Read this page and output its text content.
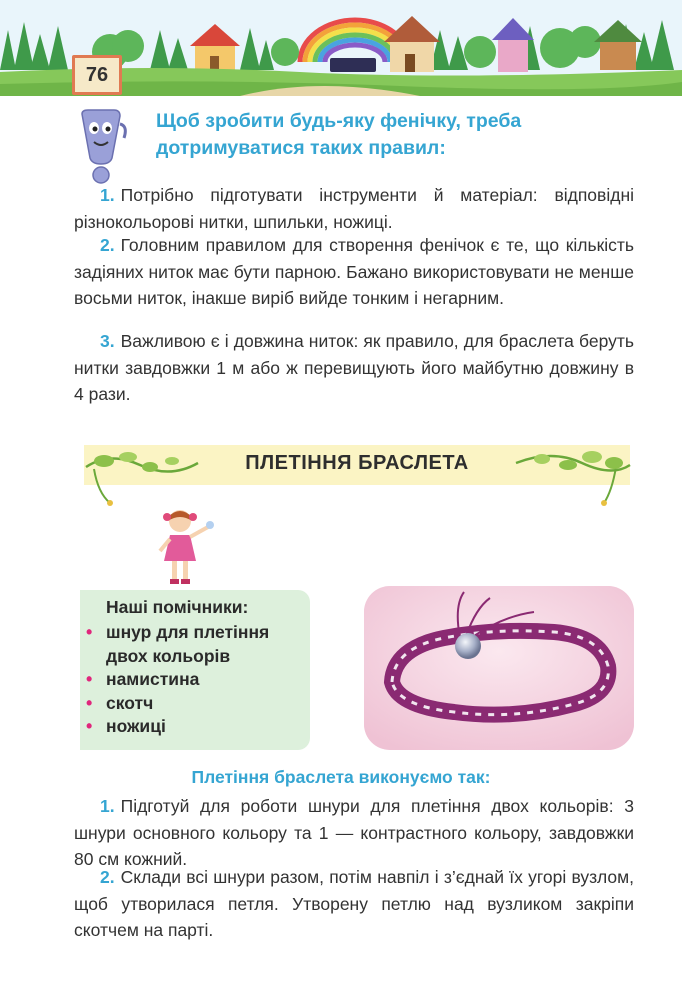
76
Щоб зробити будь-яку фенічку, треба дотримуватися таких правил:
1. Потрібно підготувати інструменти й матеріал: відповідні різнокольорові нитки, шпильки, ножиці.
2. Головним правилом для створення фенічок є те, що кількість задіяних ниток має бути парною. Бажано використовувати не менше восьми ниток, інакше виріб вийде тонким і негарним.
3. Важливою є і довжина ниток: як правило, для браслета беруть нитки завдовжки 1 м або ж перевищують його майбутню довжину в 4 рази.
ПЛЕТІННЯ БРАСЛЕТА
Наші помічники:
• шнур для плетіння
двох кольорів
• намистина
• скотч
• ножиці
Плетіння браслета виконуємо так:
1. Підготуй для роботи шнури для плетіння двох кольорів: 3 шнури основного кольору та 1 — контрастного кольору, завдовжки 80 см кожний.
2. Склади всі шнури разом, потім навпіл і з’єднай їх угорі вузлом, щоб утворилася петля. Утворену петлю над вузликом закріпи скотчем на парті.
